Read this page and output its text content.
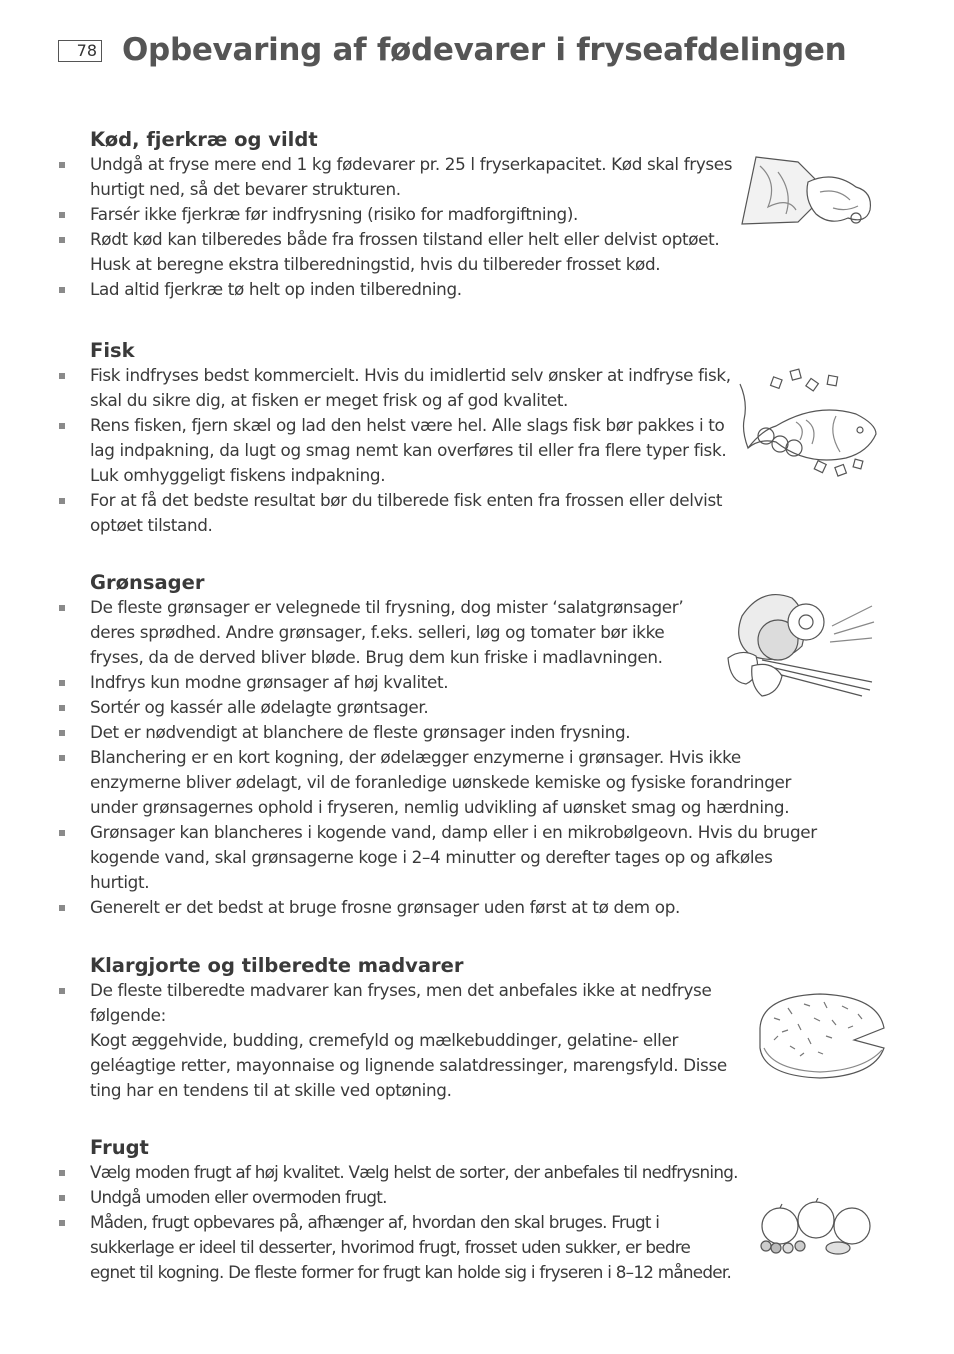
78 Opbevaring af fødevarer i fryseafdelingen
Kød, fjerkræ og vildt
Undgå at fryse mere end 1 kg fødevarer pr. 25 l fryserkapacitet. Kød skal fryses hurtigt ned, så det bevarer strukturen.
Farsér ikke fjerkræ før indfrysning (risiko for madforgiftning).
Rødt kød kan tilberedes både fra frossen tilstand eller helt eller delvist optøet. Husk at beregne ekstra tilberedningstid, hvis du tilbereder frosset kød.
Lad altid fjerkræ tø helt op inden tilberedning.
Fisk
Fisk indfryses bedst kommercielt. Hvis du imidlertid selv ønsker at indfryse fisk, skal du sikre dig, at fisken er meget frisk og af god kvalitet.
Rens fisken, fjern skæl og lad den helst være hel. Alle slags fisk bør pakkes i to lag indpakning, da lugt og smag nemt kan overføres til eller fra flere typer fisk. Luk omhyggeligt fiskens indpakning.
For at få det bedste resultat bør du tilberede fisk enten fra frossen eller delvist optøet tilstand.
Grønsager
De fleste grønsager er velegnede til frysning, dog mister ‘salatgrønsager’ deres sprødhed. Andre grønsager, f.eks. selleri, løg og tomater bør ikke fryses, da de derved bliver bløde. Brug dem kun friske i madlavningen.
Indfrys kun modne grønsager af høj kvalitet.
Sortér og kassér alle ødelagte grøntsager.
Det er nødvendigt at blanchere de fleste grønsager inden frysning.
Blanchering er en kort kogning, der ødelægger enzymerne i grønsager. Hvis ikke enzymerne bliver ødelagt, vil de foranledige uønskede kemiske og fysiske forandringer under grønsagernes ophold i fryseren, nemlig udvikling af uønsket smag og hærdning.
Grønsager kan blancheres i kogende vand, damp eller i en mikrobølgeovn. Hvis du bruger kogende vand, skal grønsagerne koge i 2–4 minutter og derefter tages op og afkøles hurtigt.
Generelt er det bedst at bruge frosne grønsager uden først at tø dem op.
Klargjorte og tilberedte madvarer
De fleste tilberedte madvarer kan fryses, men det anbefales ikke at nedfryse følgende:

Kogt æggehvide, budding, cremefyld og mælkebuddinger, gelatine- eller geléagtige retter, mayonnaise og lignende salatdressinger, marengsfyld. Disse ting har en tendens til at skille ved optøning.

Frugt
Vælg moden frugt af høj kvalitet. Vælg helst de sorter, der anbefales til nedfrysning.
Undgå umoden eller overmoden frugt.
Måden, frugt opbevares på, afhænger af, hvordan den skal bruges. Frugt i sukkerlage er ideel til desserter, hvorimod frugt, frosset uden sukker, er bedre egnet til kogning. De fleste former for frugt kan holde sig i fryseren i 8–12 måneder.
